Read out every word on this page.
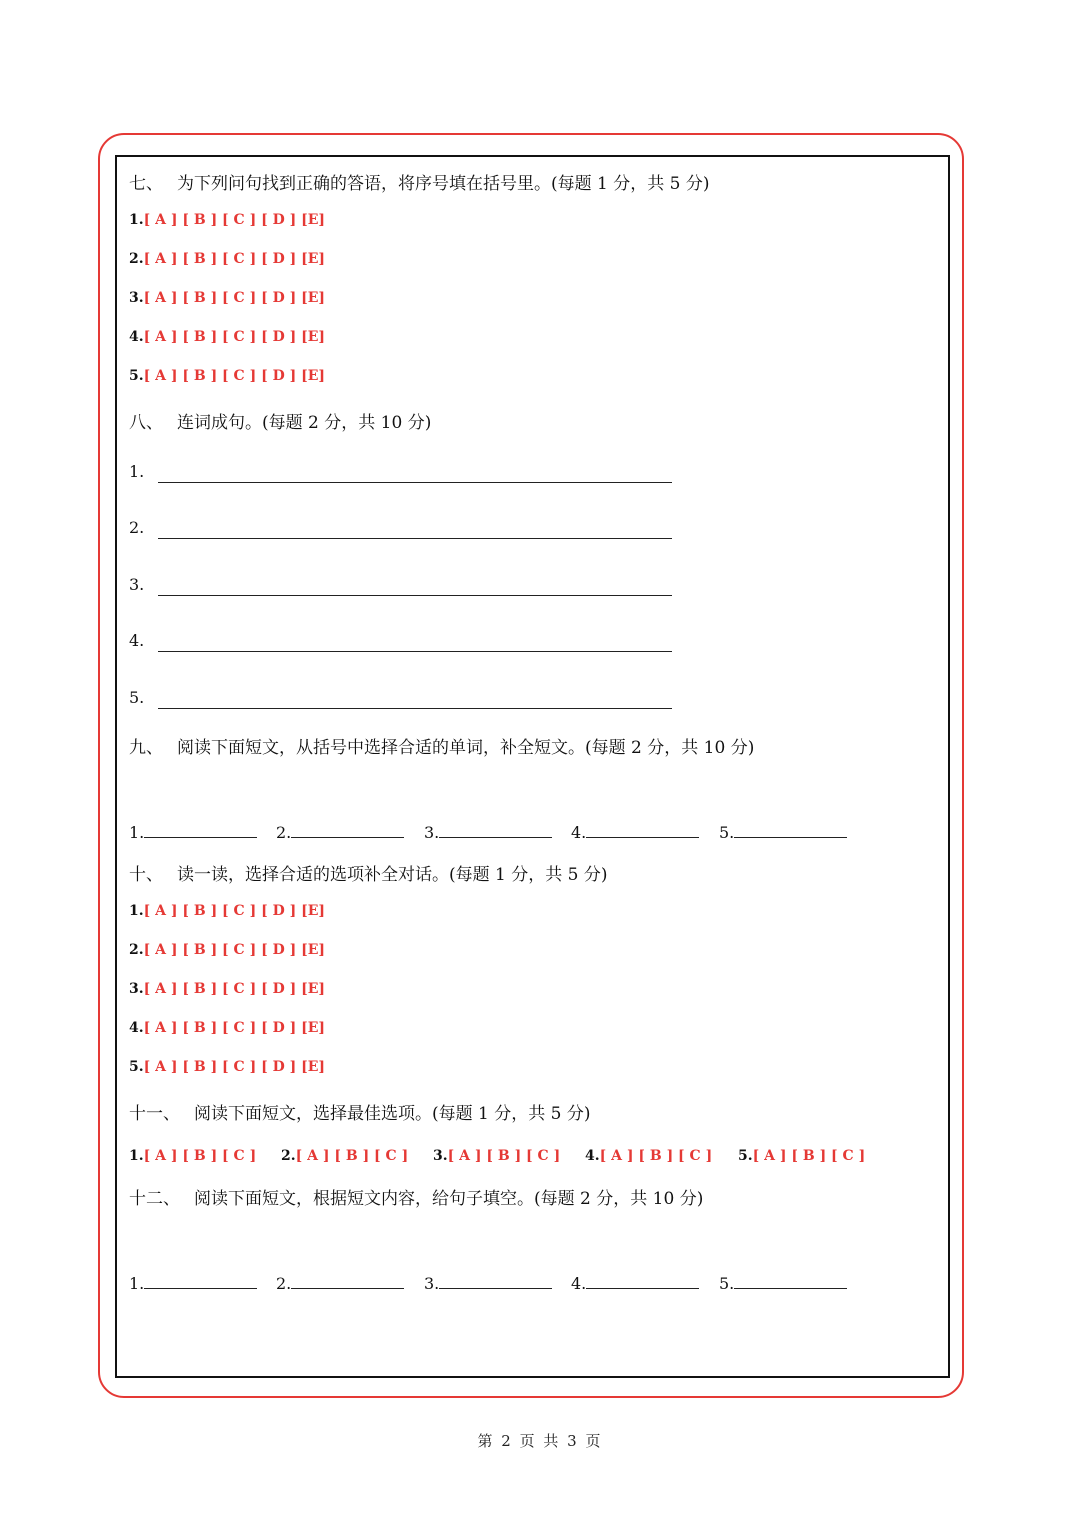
七、 为下列问句找到正确的答语，将序号填在括号里。(每题 1 分，共 5 分)
1.[ A ] [ B ] [ C ] [ D ] [E]
2.[ A ] [ B ] [ C ] [ D ] [E]
3.[ A ] [ B ] [ C ] [ D ] [E]
4.[ A ] [ B ] [ C ] [ D ] [E]
5.[ A ] [ B ] [ C ] [ D ] [E]
八、 连词成句。(每题 2 分，共 10 分)
1.
2.
3.
4.
5.
九、 阅读下面短文，从括号中选择合适的单词，补全短文。(每题 2 分，共 10 分)
1.	2.	3.	4.	5.
十、 读一读，选择合适的选项补全对话。(每题 1 分，共 5 分)
1.[ A ] [ B ] [ C ] [ D ] [E]
2.[ A ] [ B ] [ C ] [ D ] [E]
3.[ A ] [ B ] [ C ] [ D ] [E]
4.[ A ] [ B ] [ C ] [ D ] [E]
5.[ A ] [ B ] [ C ] [ D ] [E]
十一、 阅读下面短文，选择最佳选项。(每题 1 分，共 5 分)
1.[ A ] [ B ] [ C ] 2.[ A ] [ B ] [ C ] 3.[ A ] [ B ] [ C ] 4.[ A ] [ B ] [ C ] 5.[ A ] [ B ] [ C ]
十二、 阅读下面短文，根据短文内容，给句子填空。(每题 2 分，共 10 分)
1.	2.	3.	4.	5.
第 2 页 共 3 页
